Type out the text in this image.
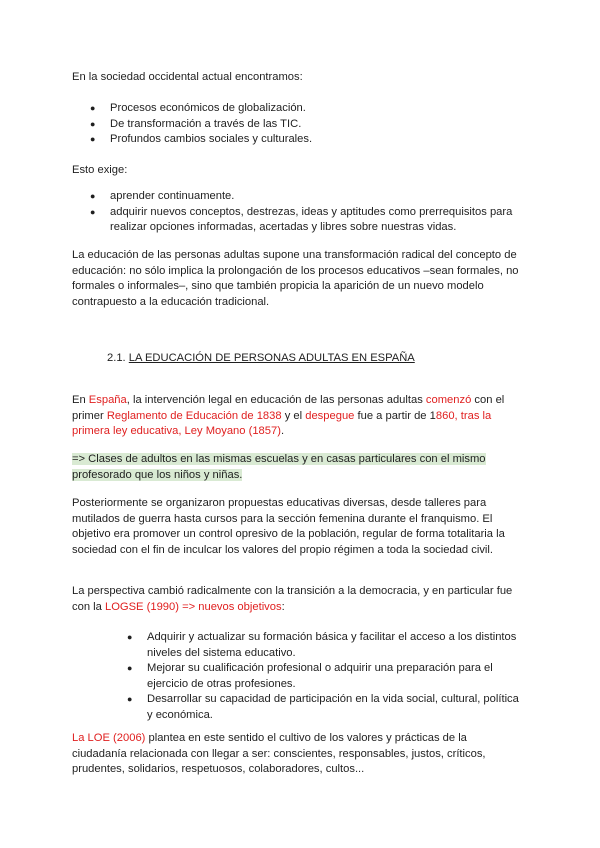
En la sociedad occidental actual encontramos:

● Procesos económicos de globalización.
● De transformación a través de las TIC.
● Profundos cambios sociales y culturales.

Esto exige:

● aprender continuamente.
● adquirir nuevos conceptos, destrezas, ideas y aptitudes como prerrequisitos para realizar opciones informadas, acertadas y libres sobre nuestras vidas.

La educación de las personas adultas supone una transformación radical del concepto de educación: no sólo implica la prolongación de los procesos educativos –sean formales, no formales o informales–, sino que también propicia la aparición de un nuevo modelo contrapuesto a la educación tradicional.

2.1. LA EDUCACIÓN DE PERSONAS ADULTAS EN ESPAÑA

En España, la intervención legal en educación de las personas adultas comenzó con el primer Reglamento de Educación de 1838 y el despegue fue a partir de 1860, tras la primera ley educativa, Ley Moyano (1857).

=> Clases de adultos en las mismas escuelas y en casas particulares con el mismo profesorado que los niños y niñas.

Posteriormente se organizaron propuestas educativas diversas, desde talleres para mutilados de guerra hasta cursos para la sección femenina durante el franquismo. El objetivo era promover un control opresivo de la población, regular de forma totalitaria la sociedad con el fin de inculcar los valores del propio régimen a toda la sociedad civil.

La perspectiva cambió radicalmente con la transición a la democracia, y en particular fue con la LOGSE (1990) => nuevos objetivos:

● Adquirir y actualizar su formación básica y facilitar el acceso a los distintos niveles del sistema educativo.
● Mejorar su cualificación profesional o adquirir una preparación para el ejercicio de otras profesiones.
● Desarrollar su capacidad de participación en la vida social, cultural, política y económica.

La LOE (2006) plantea en este sentido el cultivo de los valores y prácticas de la ciudadanía relacionada con llegar a ser: conscientes, responsables, justos, críticos, prudentes, solidarios, respetuosos, colaboradores, cultos...
